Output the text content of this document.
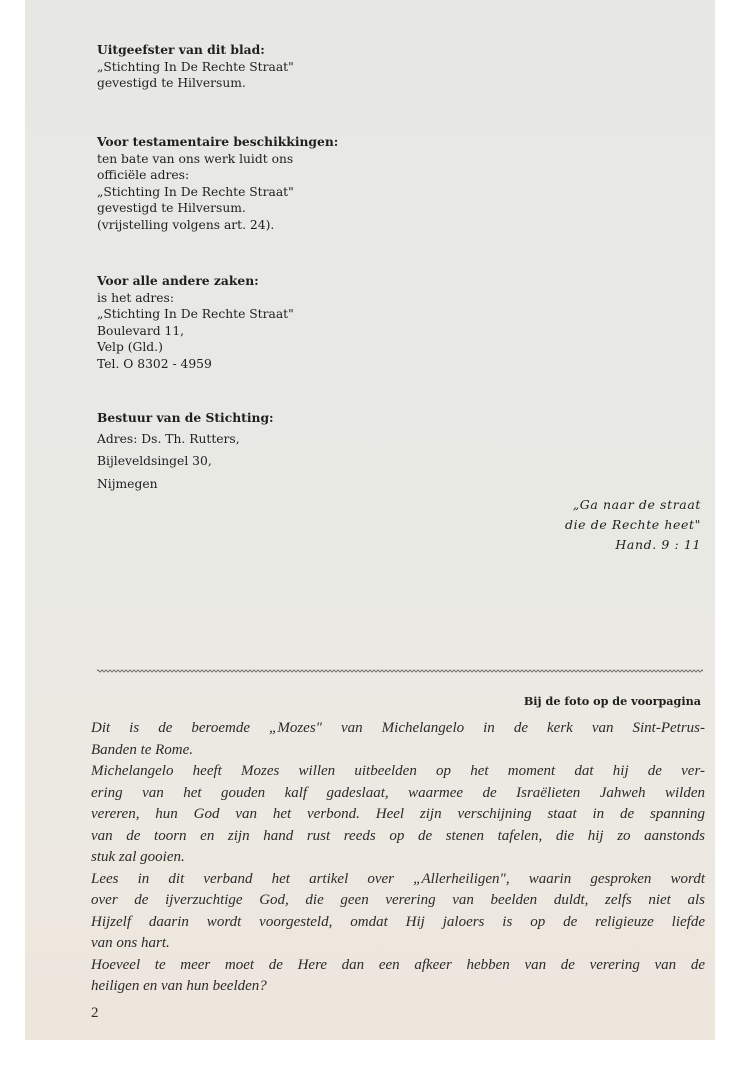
Uitgeefster van dit blad:
„Stichting In De Rechte Straat"
gevestigd te Hilversum.
Voor testamentaire beschikkingen:
ten bate van ons werk luidt ons
officiële adres:
„Stichting In De Rechte Straat"
gevestigd te Hilversum.
(vrijstelling volgens art. 24).
Voor alle andere zaken:
is het adres:
„Stichting In De Rechte Straat"
Boulevard 11,
Velp (Gld.)
Tel. O 8302 - 4959
Bestuur van de Stichting:
Adres: Ds. Th. Rutters,
Bijleveldsingel 30,
Nijmegen
„Ga naar de straat
die de Rechte heet"
Hand. 9 : 11
Bij de foto op de voorpagina
Dit is de beroemde „Mozes" van Michelangelo in de kerk van Sint-Petrus-
Banden te Rome.
Michelangelo heeft Mozes willen uitbeelden op het moment dat hij de ver-
ering van het gouden kalf gadeslaat, waarmee de Israëlieten Jahweh wilden
vereren, hun God van het verbond. Heel zijn verschijning staat in de spanning
van de toorn en zijn hand rust reeds op de stenen tafelen, die hij zo aanstonds
stuk zal gooien.
Lees in dit verband het artikel over „Allerheiligen", waarin gesproken wordt
over de ijverzuchtige God, die geen verering van beelden duldt, zelfs niet als
Hijzelf daarin wordt voorgesteld, omdat Hij jaloers is op de religieuze liefde
van ons hart.
Hoeveel te meer moet de Here dan een afkeer hebben van de verering van de
heiligen en van hun beelden?
2
